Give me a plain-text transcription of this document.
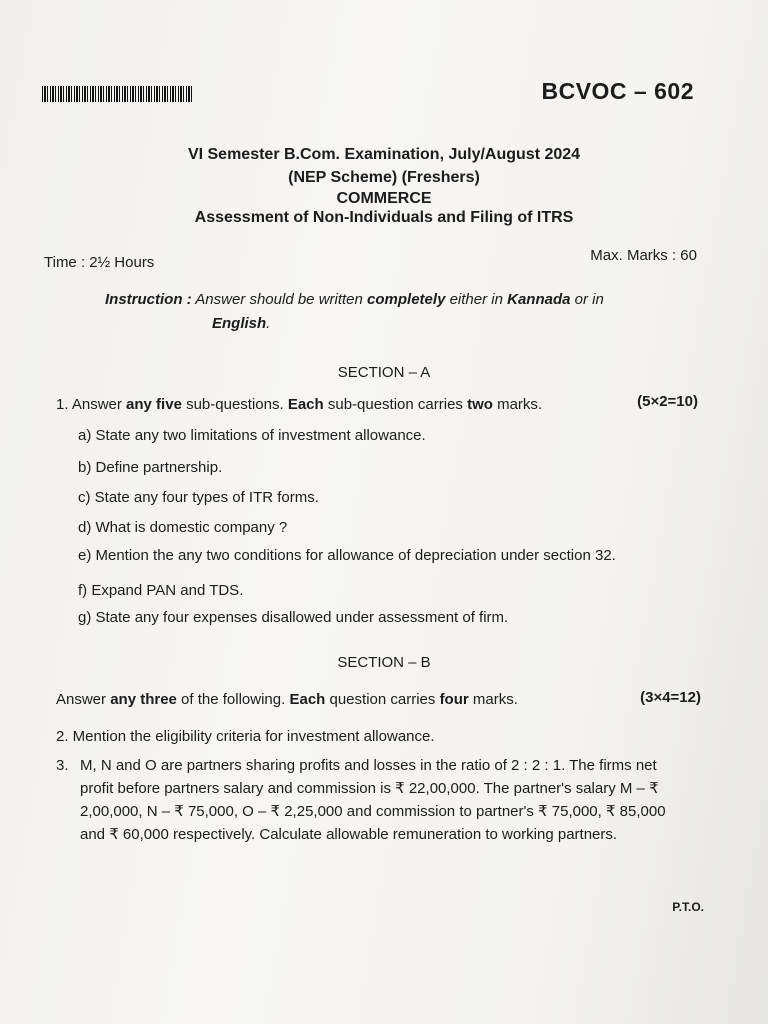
BCVOC – 602
VI Semester B.Com. Examination, July/August 2024
(NEP Scheme) (Freshers)
COMMERCE
Assessment of Non-Individuals and Filing of ITRS
Time : 2½ Hours	Max. Marks : 60
Instruction : Answer should be written completely either in Kannada or in
English.
SECTION – A
1. Answer any five sub-questions. Each sub-question carries two marks.	(5×2=10)
a) State any two limitations of investment allowance.
b) Define partnership.
c) State any four types of ITR forms.
d) What is domestic company ?
e) Mention the any two conditions for allowance of depreciation under section 32.
f) Expand PAN and TDS.
g) State any four expenses disallowed under assessment of firm.
SECTION – B
Answer any three of the following. Each question carries four marks.	(3×4=12)
2. Mention the eligibility criteria for investment allowance.
3. M, N and O are partners sharing profits and losses in the ratio of 2 : 2 : 1. The firms net profit before partners salary and commission is ₹ 22,00,000. The partner's salary M – ₹ 2,00,000, N – ₹ 75,000, O – ₹ 2,25,000 and commission to partner's ₹ 75,000, ₹ 85,000 and ₹ 60,000 respectively. Calculate allowable remuneration to working partners.
P.T.O.
